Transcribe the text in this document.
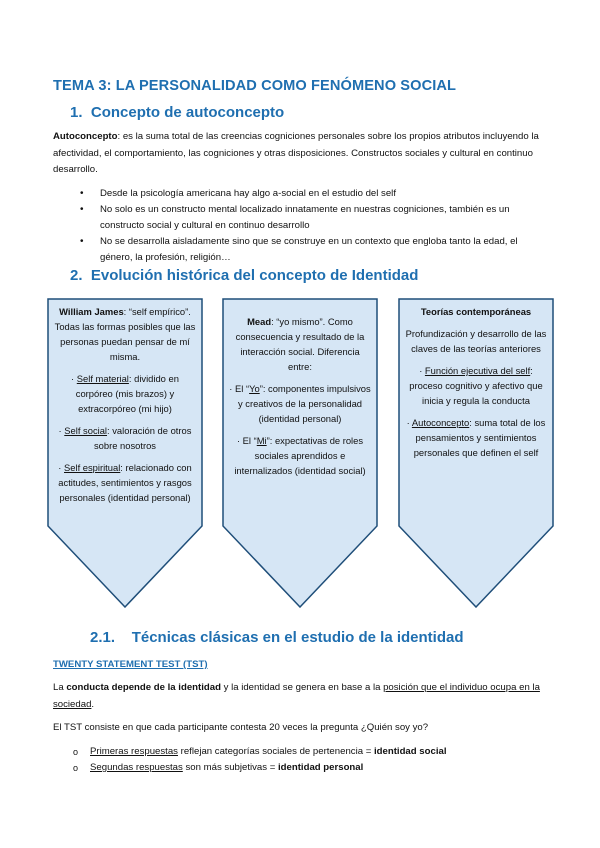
TEMA 3: LA PERSONALIDAD COMO FENÓMENO SOCIAL
1. Concepto de autoconcepto

Autoconcepto: es la suma total de las creencias cogniciones personales sobre los propios atributos incluyendo la afectividad, el comportamiento, las cogniciones y otras disposiciones. Constructos sociales y cultural en continuo desarrollo.

• Desde la psicología americana hay algo a-social en el estudio del self
• No solo es un constructo mental localizado innatamente en nuestras cogniciones, también es un constructo social y cultural en continuo desarrollo
• No se desarrolla aisladamente sino que se construye en un contexto que engloba tanto la edad, el género, la profesión, religión…
2. Evolución histórica del concepto de Identidad

William James: “self empírico”. Todas las formas posibles que las personas puedan pensar de mí misma.

· Self material: dividido en corpóreo (mis brazos) y extracorpóreo (mi hijo)

· Self social: valoración de otros sobre nosotros

· Self espiritual: relacionado con actitudes, sentimientos y rasgos personales (identidad personal)

Mead: “yo mismo”. Como consecuencia y resultado de la interacción social. Diferencia entre:

· El “Yo”: componentes impulsivos y creativos de la personalidad (identidad personal)

· El “Mi”: expectativas de roles sociales aprendidos e internalizados (identidad social)

Teorías contemporáneas

Profundización y desarrollo de las claves de las teorías anteriores

· Función ejecutiva del self: proceso cognitivo y afectivo que inicia y regula la conducta

· Autoconcepto: suma total de los pensamientos y sentimientos personales que definen el self

2.1. Técnicas clásicas en el estudio de la identidad

TWENTY STATEMENT TEST (TST)

La conducta depende de la identidad y la identidad se genera en base a la posición que el individuo ocupa en la sociedad.

El TST consiste en que cada participante contesta 20 veces la pregunta ¿Quién soy yo?

o Primeras respuestas reflejan categorías sociales de pertenencia = identidad social
o Segundas respuestas son más subjetivas = identidad personal
